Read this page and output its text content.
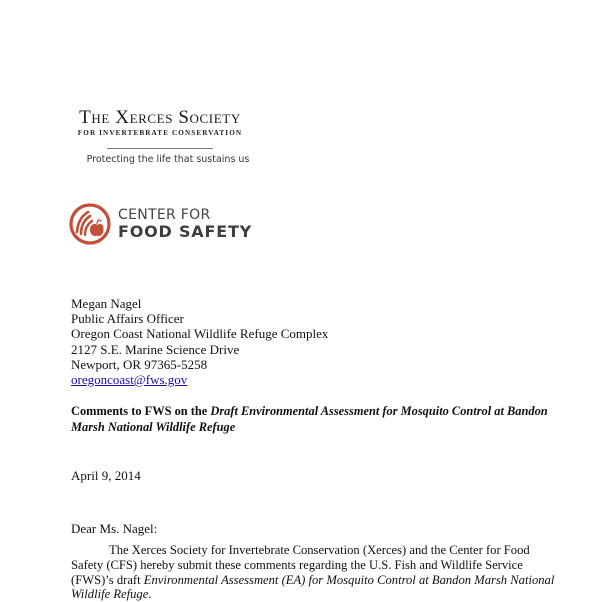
The Xerces Society
FOR INVERTEBRATE CONSERVATION
Protecting the life that sustains us
CENTER FOR
FOOD SAFETY
Megan Nagel
Public Affairs Officer
Oregon Coast National Wildlife Refuge Complex
2127 S.E. Marine Science Drive
Newport, OR 97365-5258
oregoncoast@fws.gov
Comments to FWS on the Draft Environmental Assessment for Mosquito Control at Bandon Marsh National Wildlife Refuge
April 9, 2014
Dear Ms. Nagel:
The Xerces Society for Invertebrate Conservation (Xerces) and the Center for Food Safety (CFS) hereby submit these comments regarding the U.S. Fish and Wildlife Service (FWS)’s draft Environmental Assessment (EA) for Mosquito Control at Bandon Marsh National Wildlife Refuge.
